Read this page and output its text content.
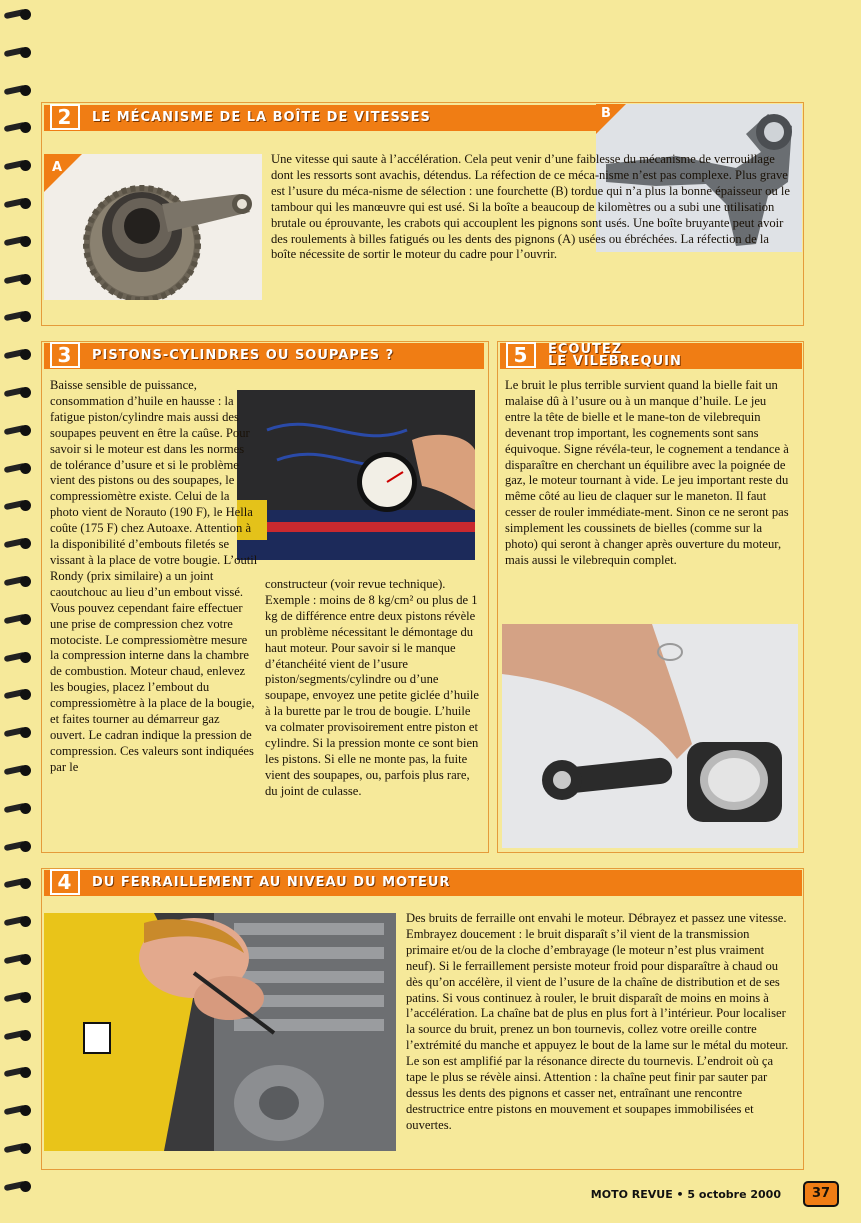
2	LE MÉCANISME DE LA BOÎTE DE VITESSES
A
B

Une vitesse qui saute à l’accélération. Cela peut venir d’une faiblesse du mécanisme de verrouillage dont les ressorts sont avachis, détendus. La réfection de ce méca-nisme n’est pas complexe. Plus grave est l’usure du méca-nisme de sélection : une fourchette (B) tordue qui n’a plus la bonne épaisseur ou le tambour qui les manœuvre qui est usé. Si la boîte a beaucoup de kilomètres ou a subi une utilisation brutale ou éprouvante, les crabots qui accouplent les pignons sont usés. Une boîte bruyante peut avoir des roulements à billes fatigués ou les dents des pignons (A) usées ou ébréchées. La réfection de la boîte nécessite de sortir le moteur du cadre pour l’ouvrir.

3	PISTONS-CYLINDRES OU SOUPAPES ?

Baisse sensible de puissance, consommation d’huile en hausse : la fatigue piston/cylindre mais aussi des soupapes peuvent en être la caûse. Pour savoir si le moteur est dans les normes de tolérance d’usure et si le problème vient des pistons ou des soupapes, le compressiomètre existe. Celui de la photo vient de Norauto (190 F), le Hella coûte (175 F) chez Autoaxe. Attention à la disponibilité d’embouts filetés se vissant à la place de votre bougie. L’outil Rondy (prix similaire) a un joint caoutchouc au lieu d’un embout vissé. Vous pouvez cependant faire effectuer une prise de compression chez votre motociste. Le compressiomètre mesure la compression interne dans la chambre de combustion. Moteur chaud, enlevez les bougies, placez l’embout du compressiomètre à la place de la bougie, et faites tourner au démarreur gaz ouvert. Le cadran indique la pression de compression. Ces valeurs sont indiquées par le

constructeur (voir revue technique). Exemple : moins de 8 kg/cm² ou plus de 1 kg de différence entre deux pistons révèle un problème nécessitant le démontage du haut moteur. Pour savoir si le manque d’étanchéité vient de l’usure piston/segments/cylindre ou d’une soupape, envoyez une petite giclée d’huile à la burette par le trou de bougie. L’huile va colmater provisoirement entre piston et cylindre. Si la pression monte ce sont bien les pistons. Si elle ne monte pas, la fuite vient des soupapes, ou, parfois plus rare, du joint de culasse.

5	ECOUTEZ
LE VILEBREQUIN

Le bruit le plus terrible survient quand la bielle fait un malaise dû à l’usure ou à un manque d’huile. Le jeu entre la tête de bielle et le mane-ton de vilebrequin devenant trop important, les cognements sont sans équivoque. Signe révéla-teur, le cognement a tendance à disparaître en cherchant un équilibre avec la poignée de gaz, le moteur tournant à vide. Le jeu important reste du même côté au lieu de claquer sur le maneton. Il faut cesser de rouler immédiate-ment. Sinon ce ne seront pas simplement les coussinets de bielles (comme sur la photo) qui seront à changer après ouverture du moteur, mais aussi le vilebrequin complet.

4	DU FERRAILLEMENT AU NIVEAU DU MOTEUR

Des bruits de ferraille ont envahi le moteur. Débrayez et passez une vitesse. Embrayez doucement : le bruit disparaît s’il vient de la transmission primaire et/ou de la cloche d’embrayage (le moteur n’est plus vraiment neuf). Si le ferraillement persiste moteur froid pour disparaître à chaud ou dès qu’on accélère, il vient de l’usure de la chaîne de distribution et de ses patins. Si vous continuez à rouler, le bruit disparaît de moins en moins à l’accélération. La chaîne bat de plus en plus fort à l’intérieur. Pour localiser la source du bruit, prenez un bon tournevis, collez votre oreille contre l’extrémité du manche et appuyez le bout de la lame sur le métal du moteur. Le son est amplifié par la résonance directe du tournevis. L’endroit où ça tape le plus se révèle ainsi. Attention : la chaîne peut finir par sauter par dessus les dents des pignons et casser net, entraînant une rencontre destructrice entre pistons en mouvement et soupapes immobilisées et ouvertes.

MOTO REVUE • 5 octobre 2000	37
